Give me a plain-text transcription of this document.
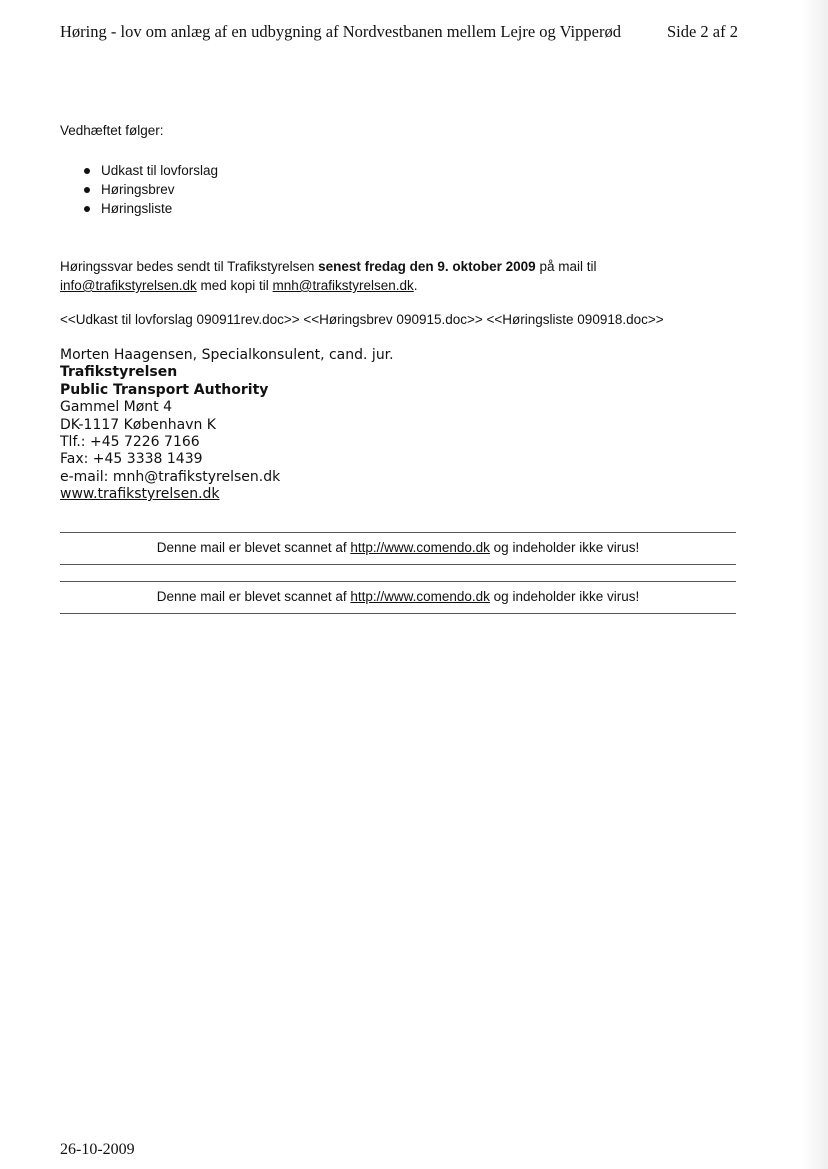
Høring - lov om anlæg af en udbygning af Nordvestbanen mellem Lejre og Vipperød	Side 2 af 2
Vedhæftet følger:
Udkast til lovforslag
Høringsbrev
Høringsliste
Høringssvar bedes sendt til Trafikstyrelsen senest fredag den 9. oktober 2009 på mail til
info@trafikstyrelsen.dk med kopi til mnh@trafikstyrelsen.dk.
<<Udkast til lovforslag 090911rev.doc>> <<Høringsbrev 090915.doc>> <<Høringsliste 090918.doc>>
Morten Haagensen, Specialkonsulent, cand. jur.
Trafikstyrelsen
Public Transport Authority
Gammel Mønt 4
DK-1117 København K
Tlf.: +45 7226 7166
Fax: +45 3338 1439
e-mail: mnh@trafikstyrelsen.dk
www.trafikstyrelsen.dk
Denne mail er blevet scannet af http://www.comendo.dk og indeholder ikke virus!
Denne mail er blevet scannet af http://www.comendo.dk og indeholder ikke virus!
26-10-2009
